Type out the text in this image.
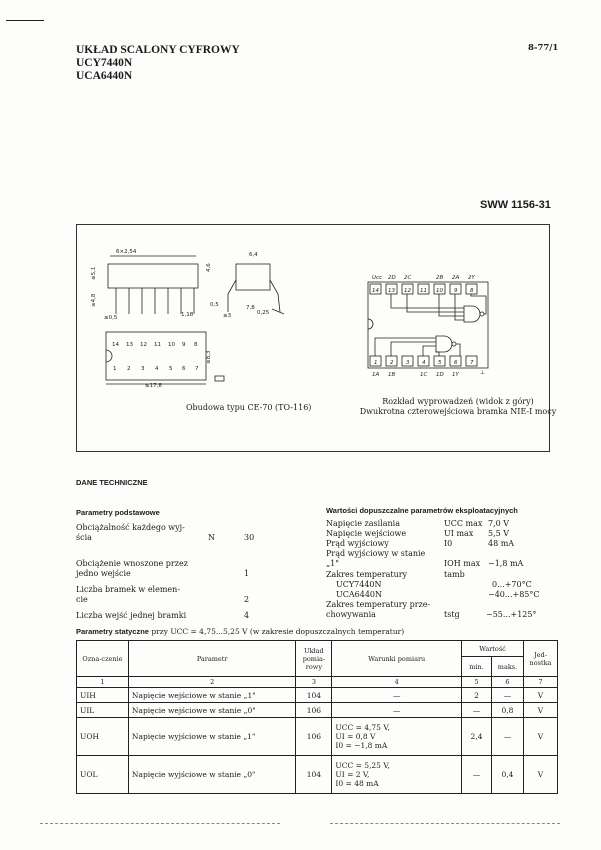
UKŁAD SCALONY CYFROWY
UCY7440N
UCA6440N
8-77/1
SWW 1156-31
6×2,54	6,4
≤5,1	4,6
≤4,8	0,5
0,25
1,18	≤3
7,8
≥0,5
≤17,8
≤8,3
14 13 12 11 10 9 8
1 2 3 4 5 6 7
Ucc 2D 2C	2B 2A 2Y
14 13 12 11 10 9 8
1 2 3 4 5 6 7
1A 1B	1C 1D 1Y	⊥
Obudowa typu CE-70 (TO-116)
Rozkład wyprowadzeń (widok z góry)
Dwukrotna czterowejściowa bramka NIE-I mocy
DANE TECHNICZNE
Parametry podstawowe
Obciążalność każdego wyj-
ścia	N	30
Obciążenie wnoszone przez
jedno wejście	1
Liczba bramek w elemen-
cie	2
Liczba wejść jednej bramki	4
Wartości dopuszczalne parametrów eksploatacyjnych
Napięcie zasilania	UCC max 7,0 V
Napięcie wejściowe	UI max 5,5 V
Prąd wyjściowy	I0	48 mA
Prąd wyjściowy w stanie
„1"	IOH max −1,8 mA
Zakres temperatury	tamb
UCY7440N	0...+70°C
UCA6440N	−40...+85°C
Zakres temperatury prze-
chowywania	tstg	−55...+125°
Parametry statyczne przy UCC = 4,75...5,25 V (w zakresie dopuszczalnych temperatur)
Ozna-czenie	Parametr	Układ pomia-rowy	Warunki pomiaru	Wartość		Jed-nostka
				min.	maks.	
1	2	3	4	5	6	7
UIH	Napięcie wejściowe w stanie „1"	104	—	2	—	V
UIL	Napięcie wejściowe w stanie „0"	106	—	—	0,8	V
UOH	Napięcie wyjściowe w stanie „1"	106	UCC = 4,75 V,
UI = 0,8 V
I0 = −1,8 mA	2,4	—	V
UOL	Napięcie wyjściowe w stanie „0"	104	UCC = 5,25 V,
UI = 2 V,
I0 = 48 mA	—	0,4	V
